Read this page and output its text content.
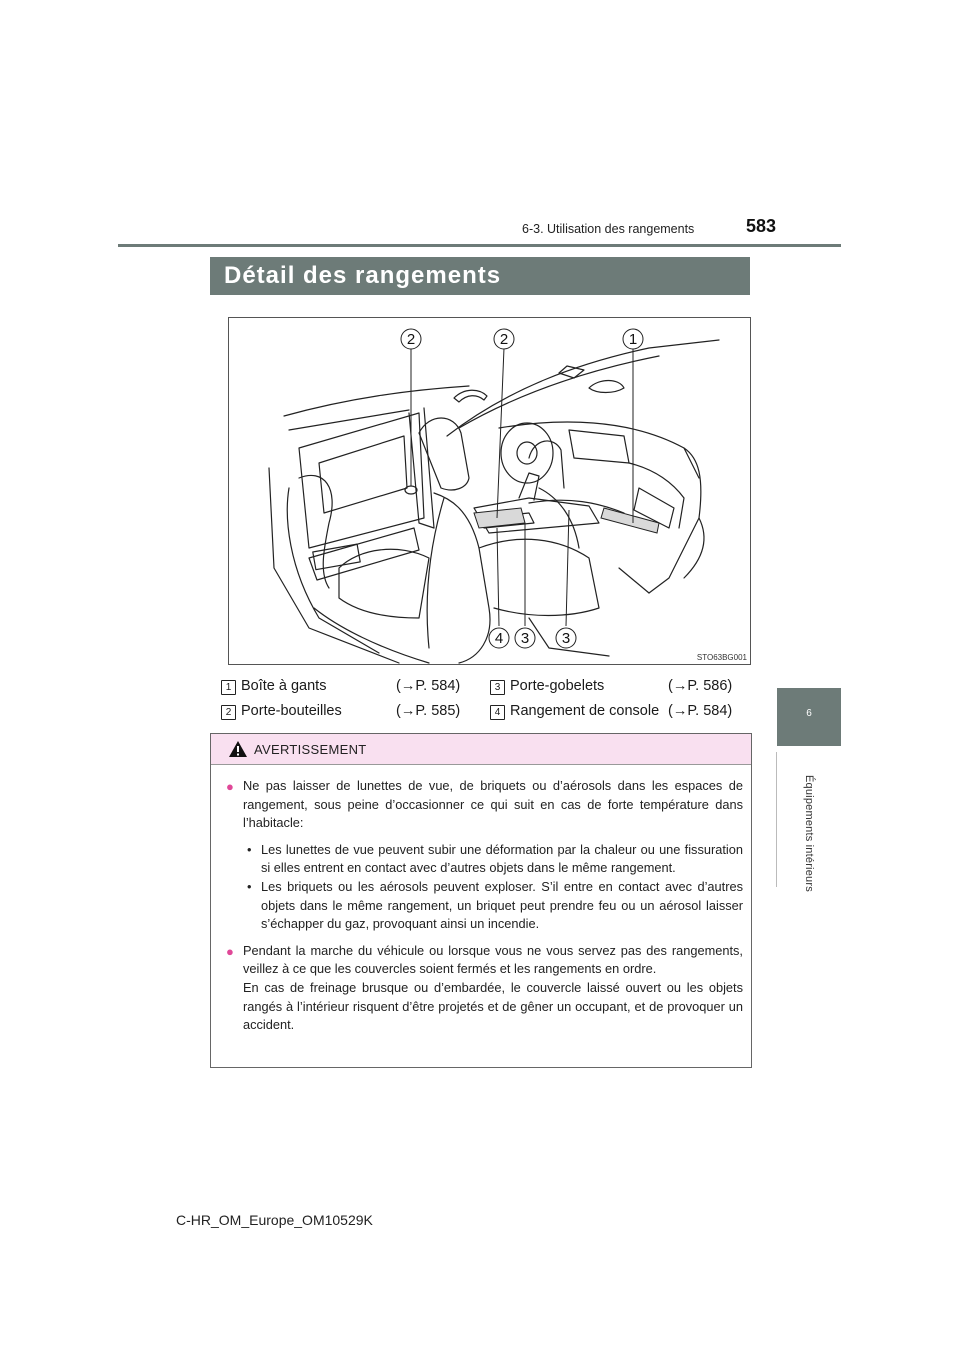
6-3. Utilisation des rangements	583
6
Équipements intérieurs
Détail des rangements
2	2	1
4 3 3
STO63BG001
1 Boîte à gants	(→P. 584)
2 Porte-bouteilles	(→P. 585)
3 Porte-gobelets	(→P. 586)
4 Rangement de console (→P. 584)
AVERTISSEMENT
● Ne pas laisser de lunettes de vue, de briquets ou d’aérosols dans les espaces de rangement, sous peine d’occasionner ce qui suit en cas de forte température dans l’habitacle:
• Les lunettes de vue peuvent subir une déformation par la chaleur ou une fissuration si elles entrent en contact avec d’autres objets dans le même rangement.
• Les briquets ou les aérosols peuvent exploser. S’il entre en contact avec d’autres objets dans le même rangement, un briquet peut prendre feu ou un aérosol laisser s’échapper du gaz, provoquant ainsi un incendie.
● Pendant la marche du véhicule ou lorsque vous ne vous servez pas des rangements, veillez à ce que les couvercles soient fermés et les rangements en ordre.
En cas de freinage brusque ou d’embardée, le couvercle laissé ouvert ou les objets rangés à l’intérieur risquent d’être projetés et de gêner un occupant, et de provoquer un accident.
C-HR_OM_Europe_OM10529K
